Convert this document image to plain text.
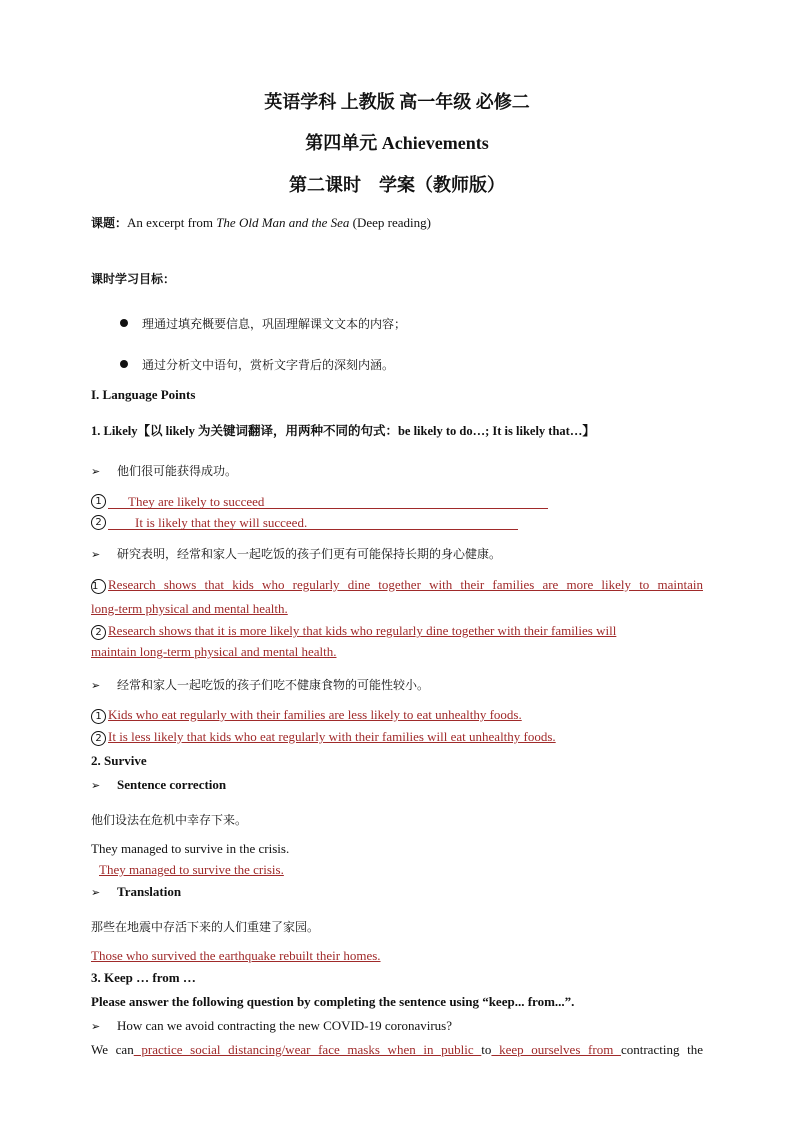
英语学科 上教版 高一年级 必修二
第四单元 Achievements
第二课时　学案（教师版）
课题：An excerpt from The Old Man and the Sea (Deep reading)
课时学习目标：
理通过填充概要信息，巩固理解课文文本的内容；
通过分析文中语句，赏析文字背后的深刻内涵。
I. Language Points
1. Likely【以 likely 为关键词翻译，用两种不同的句式：be likely to do…; It is likely that…】
➢ 他们很可能获得成功。
1 They are likely to succeed
2	It is likely that they will succeed.
➢ 研究表明，经常和家人一起吃饭的孩子们更有可能保持长期的身心健康。
1 Research shows that kids who regularly dine together with their families are more likely to maintain
long-term physical and mental health.
2 Research shows that it is more likely that kids who regularly dine together with their families will
maintain long-term physical and mental health.
➢ 经常和家人一起吃饭的孩子们吃不健康食物的可能性较小。
1 Kids who eat regularly with their families are less likely to eat unhealthy foods.
2 It is less likely that kids who eat regularly with their families will eat unhealthy foods.
2. Survive
➢ Sentence correction
他们设法在危机中幸存下来。
They managed to survive in the crisis.
They managed to survive the crisis.
➢ Translation
那些在地震中存活下来的人们重建了家园。
Those who survived the earthquake rebuilt their homes.
3. Keep … from …
Please answer the following question by completing the sentence using “keep... from...”.
➢ How can we avoid contracting the new COVID-19 coronavirus?
We can practice social distancing/wear face masks when in public to keep ourselves from contracting the
